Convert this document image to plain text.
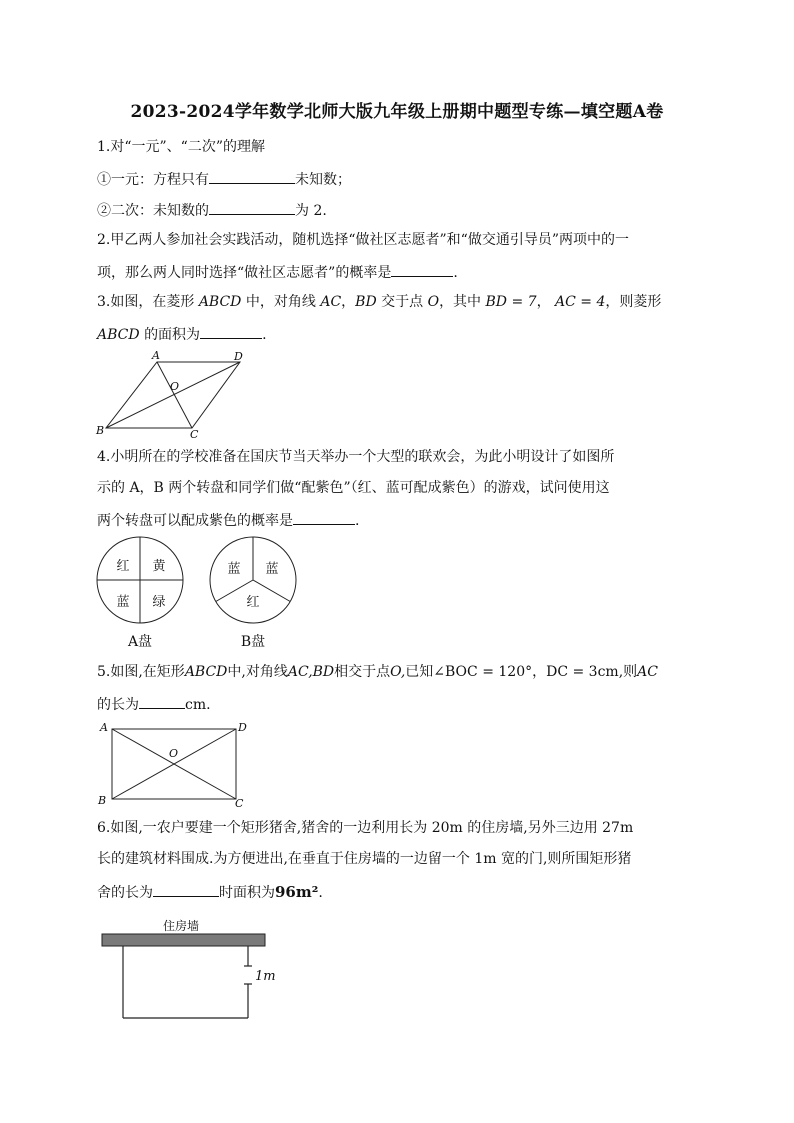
2023-2024学年数学北师大版九年级上册期中题型专练—填空题A卷
1.对“一元”、“二次”的理解
①一元：方程只有	未知数；
②二次：未知数的	为 2.
2.甲乙两人参加社会实践活动，随机选择“做社区志愿者”和“做交通引导员”两项中的一
项，那么两人同时选择“做社区志愿者”的概率是	.
3.如图，在菱形 ABCD 中，对角线 AC，BD 交于点 O，其中 BD = 7， AC = 4，则菱形
ABCD 的面积为	.
A	D
B	C
O
4.小明所在的学校准备在国庆节当天举办一个大型的联欢会，为此小明设计了如图所
示的 A，B 两个转盘和同学们做“配紫色”（红、蓝可配成紫色）的游戏，试问使用这
两个转盘可以配成紫色的概率是	.
红 黄
蓝 绿
蓝 蓝
红
A盘	B盘
5.如图,在矩形ABCD中,对角线AC,BD相交于点O,已知∠BOC = 120°，DC = 3cm,则AC
的长为	cm.
A	D
B	C
O
6.如图,一农户要建一个矩形猪舍,猪舍的一边利用长为 20m 的住房墙,另外三边用 27m
长的建筑材料围成.为方便进出,在垂直于住房墙的一边留一个 1m 宽的门,则所围矩形猪
舍的长为	时面积为96m².
住房墙
1m
